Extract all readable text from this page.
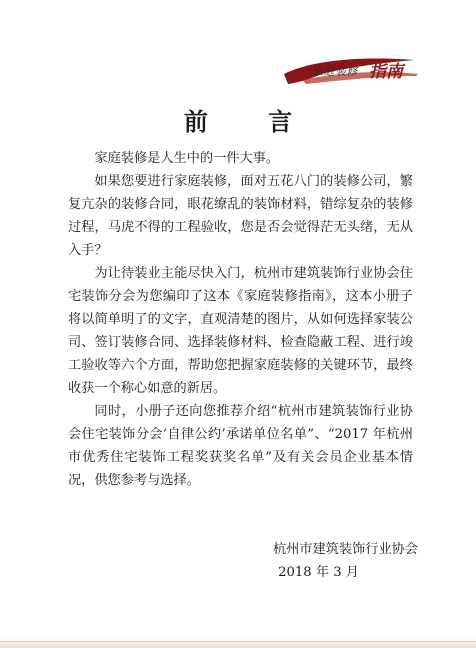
家庭装修 指南
前 言

家庭装修是人生中的一件大事。

如果您要进行家庭装修，面对五花八门的装修公司，繁复亢杂的装修合同，眼花缭乱的装饰材料，错综复杂的装修过程，马虎不得的工程验收，您是否会觉得茫无头绪，无从入手？

为让待装业主能尽快入门，杭州市建筑装饰行业协会住宅装饰分会为您编印了这本《家庭装修指南》，这本小册子将以简单明了的文字，直观清楚的图片，从如何选择家装公司、签订装修合同、选择装修材料、检查隐蔽工程、进行竣工验收等六个方面，帮助您把握家庭装修的关键环节，最终收获一个称心如意的新居。

同时，小册子还向您推荐介绍“杭州市建筑装饰行业协会住宅装饰分会‘自律公约’承诺单位名单”、“2017 年杭州市优秀住宅装饰工程奖获奖名单”及有关会员企业基本情况，供您参考与选择。

杭州市建筑装饰行业协会
2018 年 3 月
